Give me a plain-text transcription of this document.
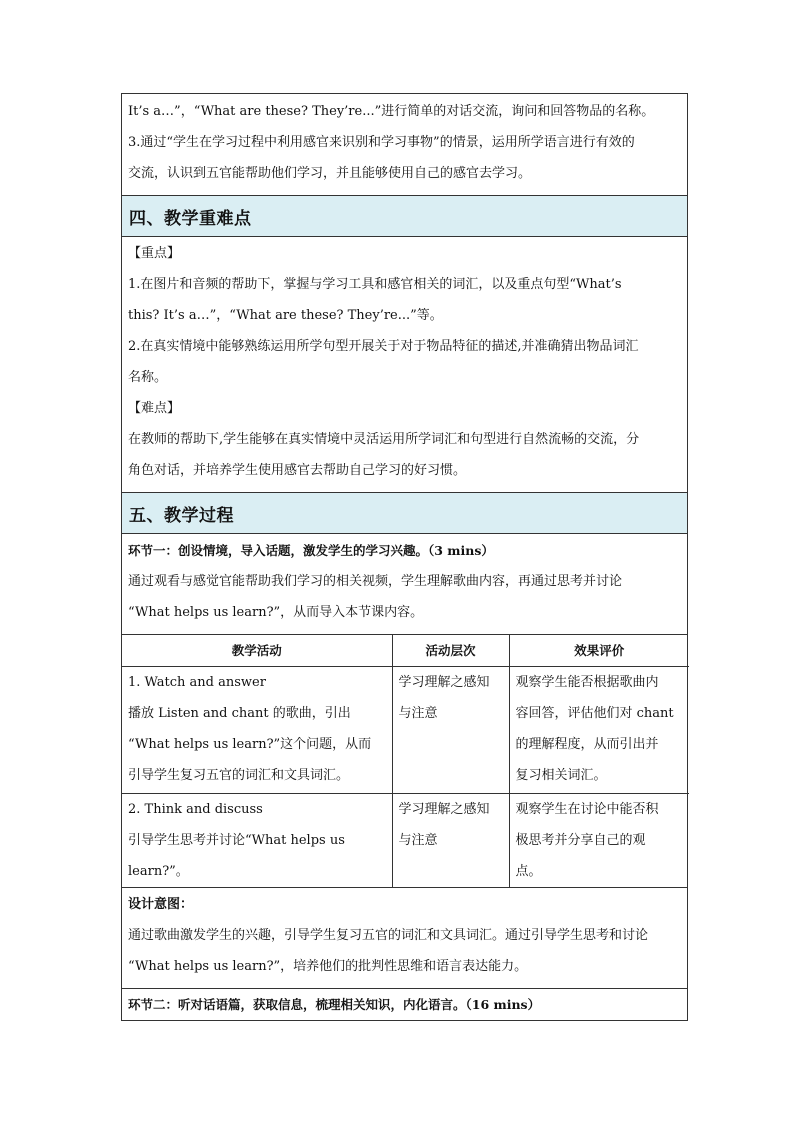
It’s a…”，“What are these? They’re...”进行简单的对话交流，询问和回答物品的名称。

3.通过“学生在学习过程中利用感官来识别和学习事物”的情景，运用所学语言进行有效的

交流，认识到五官能帮助他们学习，并且能够使用自己的感官去学习。

四、教学重难点

【重点】

1.在图片和音频的帮助下，掌握与学习工具和感官相关的词汇，以及重点句型“What’s

this? It’s a…”，“What are these? They’re...”等。

2.在真实情境中能够熟练运用所学句型开展关于对于物品特征的描述,并准确猜出物品词汇

名称。

【难点】

在教师的帮助下,学生能够在真实情境中灵活运用所学词汇和句型进行自然流畅的交流，分

角色对话，并培养学生使用感官去帮助自己学习的好习惯。

五、教学过程

环节一：创设情境，导入话题，激发学生的学习兴趣。（3 mins）

通过观看与感觉官能帮助我们学习的相关视频，学生理解歌曲内容，再通过思考并讨论

“What helps us learn?”，从而导入本节课内容。

教学活动	活动层次	效果评价

1. Watch and answer
播放 Listen and chant 的歌曲，引出
“What helps us learn?”这个问题，从而
引导学生复习五官的词汇和文具词汇。	学习理解之感知
与注意	观察学生能否根据歌曲内
容回答，评估他们对 chant
的理解程度，从而引出并
复习相关词汇。

2. Think and discuss
引导学生思考并讨论“What helps us
learn?”。	学习理解之感知
与注意	观察学生在讨论中能否积
极思考并分享自己的观
点。

设计意图：

通过歌曲激发学生的兴趣，引导学生复习五官的词汇和文具词汇。通过引导学生思考和讨论

“What helps us learn?”，培养他们的批判性思维和语言表达能力。

环节二：听对话语篇，获取信息，梳理相关知识，内化语言。（16 mins）
